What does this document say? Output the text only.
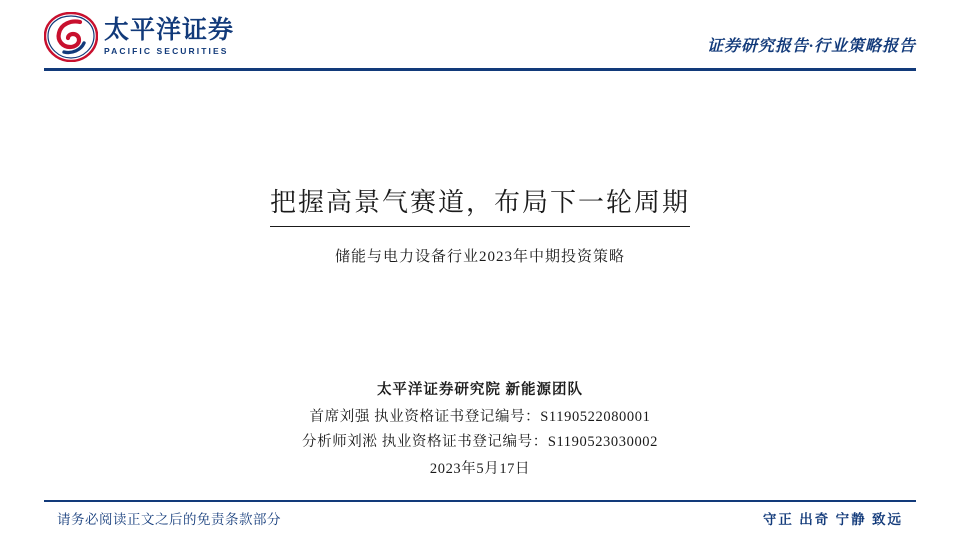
太平洋证券
PACIFIC SECURITIES	证券研究报告·行业策略报告
把握高景气赛道，布局下一轮周期
储能与电力设备行业2023年中期投资策略
太平洋证券研究院 新能源团队
首席刘强 执业资格证书登记编号：S1190522080001
分析师刘淞 执业资格证书登记编号：S1190523030002
2023年5月17日
请务必阅读正文之后的免责条款部分	守正 出奇 宁静 致远
